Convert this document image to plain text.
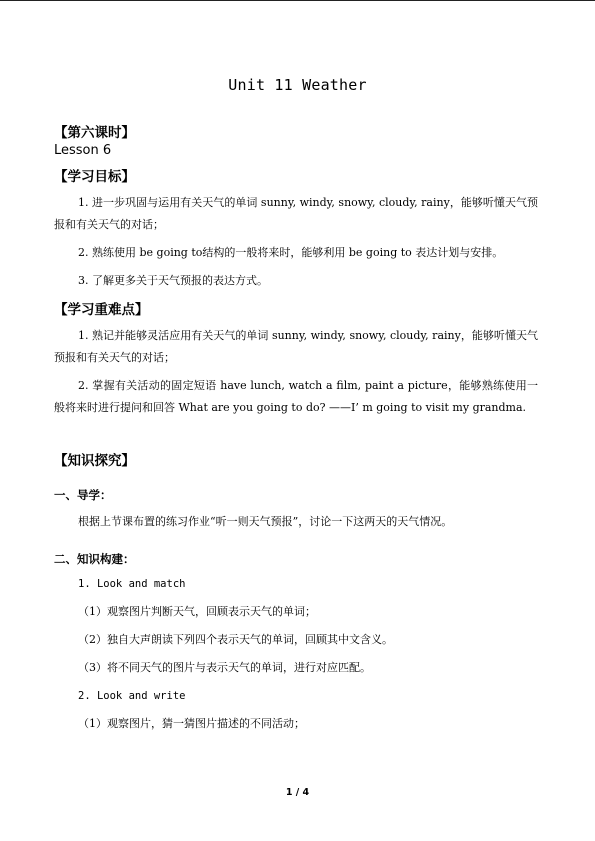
Unit 11 Weather
【第六课时】
Lesson 6
【学习目标】
1. 进一步巩固与运用有关天气的单词 sunny, windy, snowy, cloudy, rainy，能够听懂天气预报和有关天气的对话；
2. 熟练使用 be going to结构的一般将来时，能够利用 be going to 表达计划与安排。
3. 了解更多关于天气预报的表达方式。
【学习重难点】
1. 熟记并能够灵活应用有关天气的单词 sunny, windy, snowy, cloudy, rainy，能够听懂天气预报和有关天气的对话；
2. 掌握有关活动的固定短语 have lunch, watch a film, paint a picture，能够熟练使用一般将来时进行提问和回答 What are you going to do? ——I’ m going to visit my grandma.
【知识探究】
一、导学：
根据上节课布置的练习作业“听一则天气预报”，讨论一下这两天的天气情况。
二、知识构建：
1. Look and match
（1）观察图片判断天气，回顾表示天气的单词；
（2）独自大声朗读下列四个表示天气的单词，回顾其中文含义。
（3）将不同天气的图片与表示天气的单词，进行对应匹配。
2. Look and write
（1）观察图片，猜一猜图片描述的不同活动；
1 / 4
